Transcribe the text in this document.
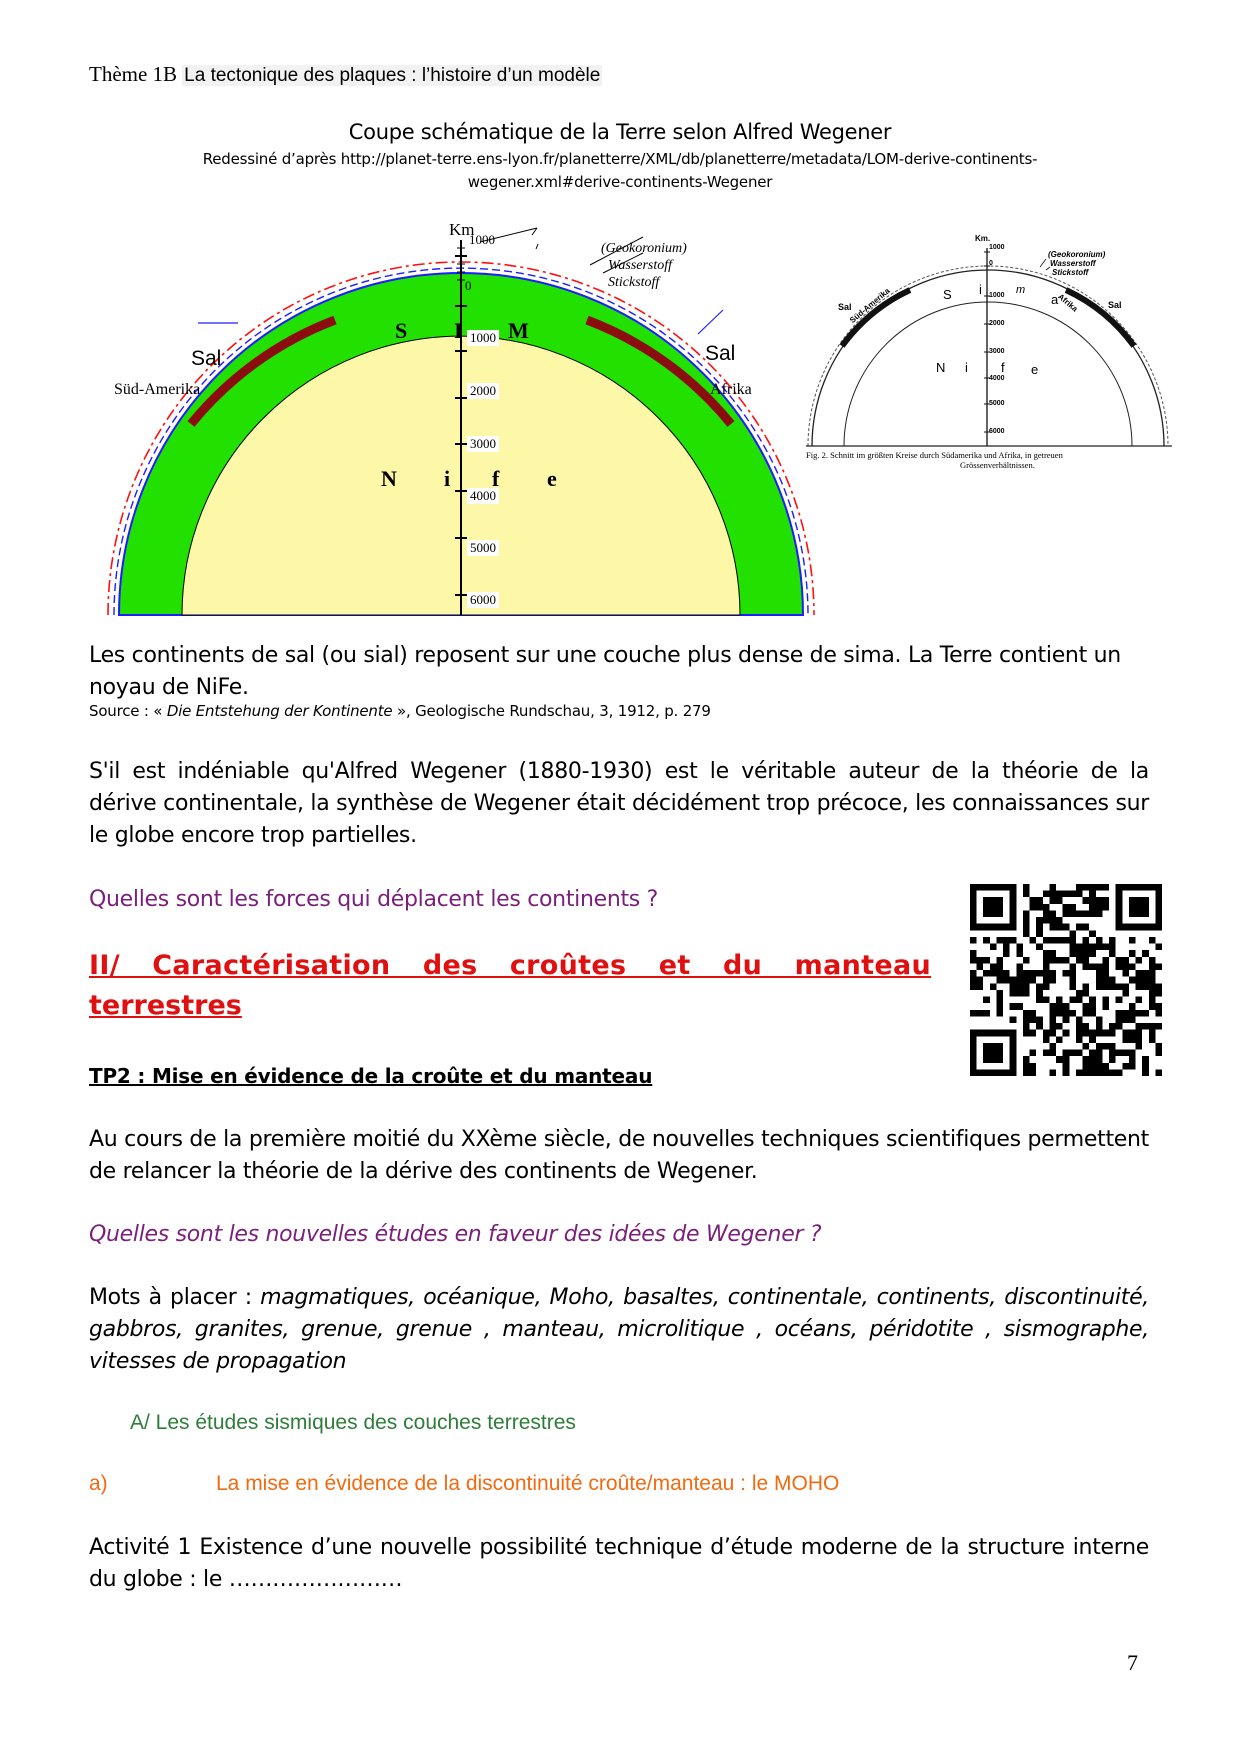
Thème 1B La tectonique des plaques : l’histoire d’un modèle
Coupe schématique de la Terre selon Alfred Wegener
Redessiné d’après http://planet-terre.ens-lyon.fr/planetterre/XML/db/planetterre/metadata/LOM-derive-continents-
wegener.xml#derive-continents-Wegener
Km
1000
0
1000
2000
3000
4000
5000
6000
(Geokoronium)
Wasserstoff
Stickstoff
S I M
N i f e
Sal	Sal
Süd-Amerika	Afrika
Km.
1000
0
1000
2000
3000
4000
5000
6000
(Geokoronium)
Wasserstoff
Stickstoff
S i	m
a
N i	f e
Sal	Sal
Süd-Amerika	Afrika
Fig. 2. Schnitt im größten Kreise durch Südamerika und Afrika, in getreuen
Grössenverhältnissen.
Les continents de sal (ou sial) reposent sur une couche plus dense de sima. La Terre contient un
noyau de NiFe.
Source : « Die Entstehung der Kontinente », Geologische Rundschau, 3, 1912, p. 279
S'il est indéniable qu'Alfred Wegener (1880-1930) est le véritable auteur de la théorie de la
dérive continentale, la synthèse de Wegener était décidément trop précoce, les connaissances sur
le globe encore trop partielles.
Quelles sont les forces qui déplacent les continents ?
II/ Caractérisation des croûtes et du manteau
terrestres
TP2 : Mise en évidence de la croûte et du manteau
Au cours de la première moitié du XXème siècle, de nouvelles techniques scientifiques permettent
de relancer la théorie de la dérive des continents de Wegener.
Quelles sont les nouvelles études en faveur des idées de Wegener ?
Mots à placer : magmatiques, océanique, Moho, basaltes, continentale, continents, discontinuité,
gabbros, granites, grenue, grenue , manteau, microlitique , océans, péridotite , sismographe,
vitesses de propagation
A/ Les études sismiques des couches terrestres
a)	La mise en évidence de la discontinuité croûte/manteau : le MOHO
Activité 1 Existence d’une nouvelle possibilité technique d’étude moderne de la structure interne
du globe : le ……………………
7
